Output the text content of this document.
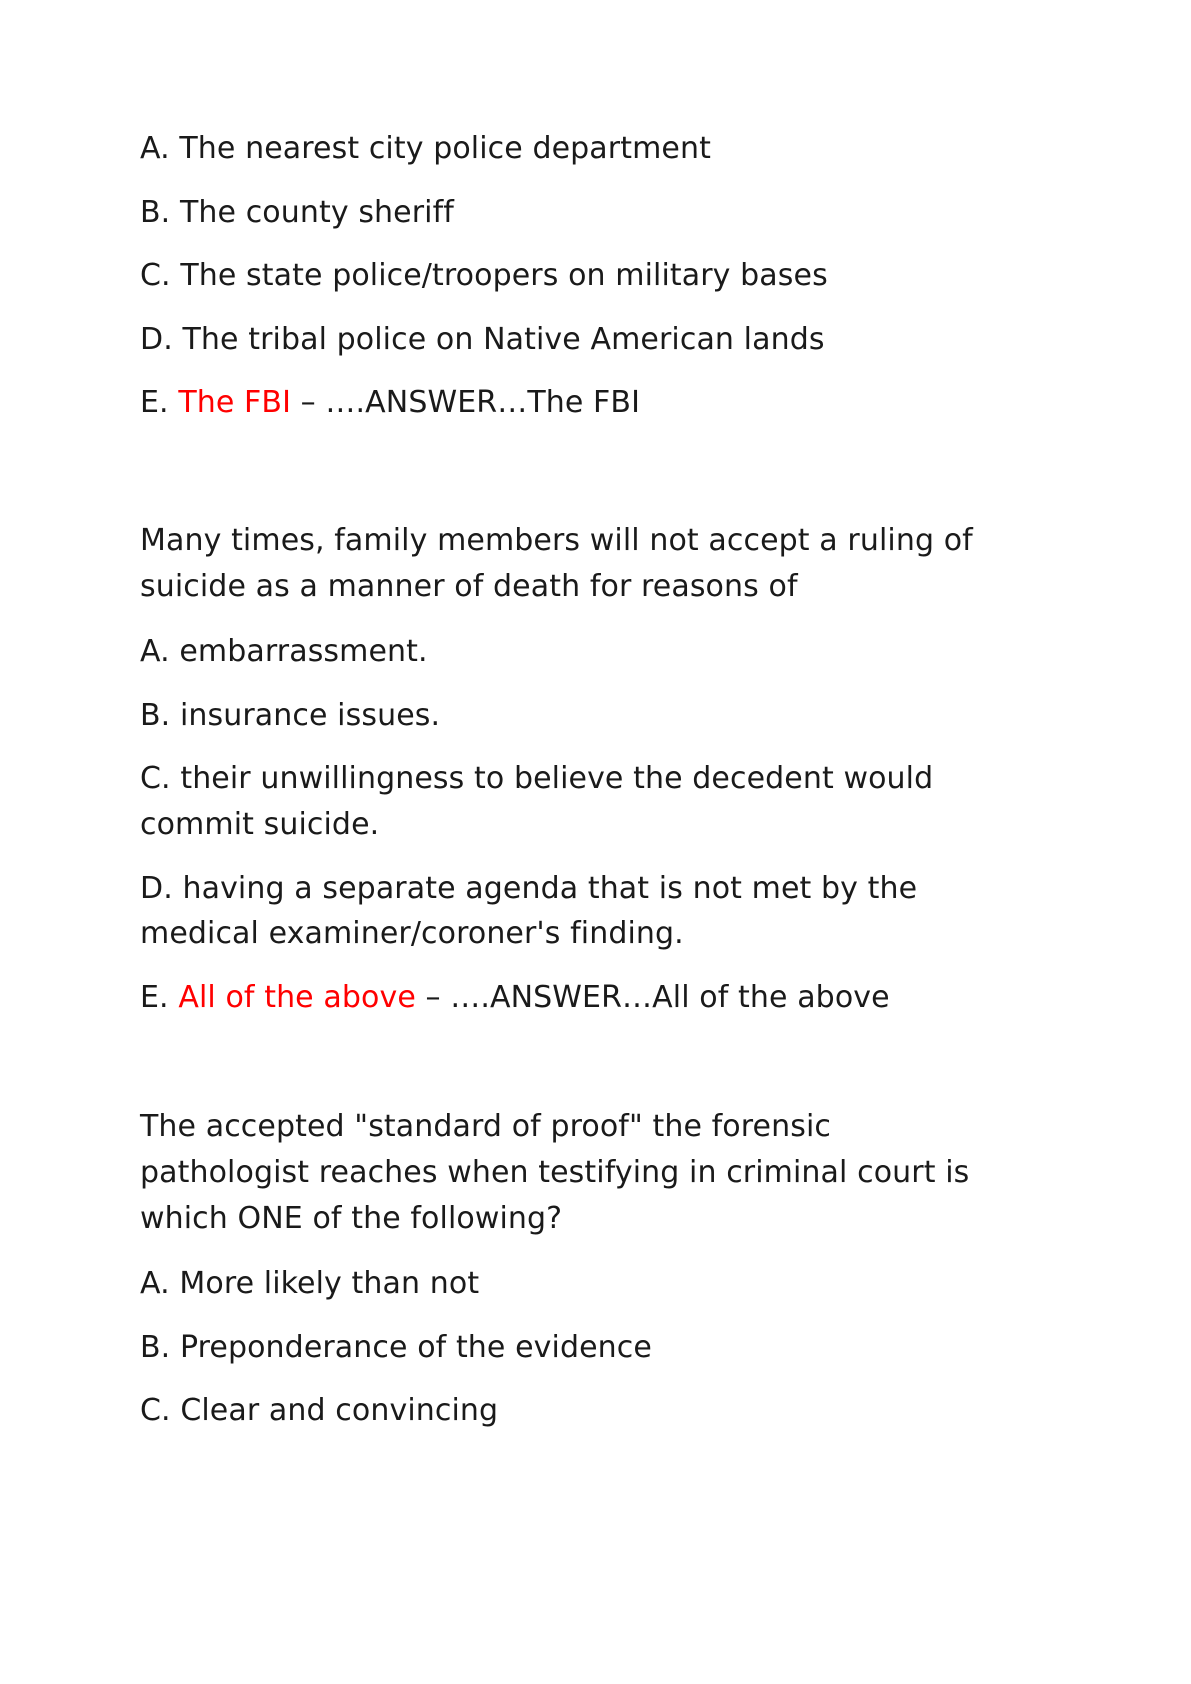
A. The nearest city police department

B. The county sheriff

C. The state police/troopers on military bases

D. The tribal police on Native American lands

E. The FBI – ….ANSWER…The FBI

Many times, family members will not accept a ruling of suicide as a manner of death for reasons of

A. embarrassment.

B. insurance issues.

C. their unwillingness to believe the decedent would commit suicide.

D. having a separate agenda that is not met by the medical examiner/coroner's finding.

E. All of the above – ….ANSWER…All of the above

The accepted "standard of proof" the forensic pathologist reaches when testifying in criminal court is which ONE of the following?

A. More likely than not

B. Preponderance of the evidence

C. Clear and convincing
